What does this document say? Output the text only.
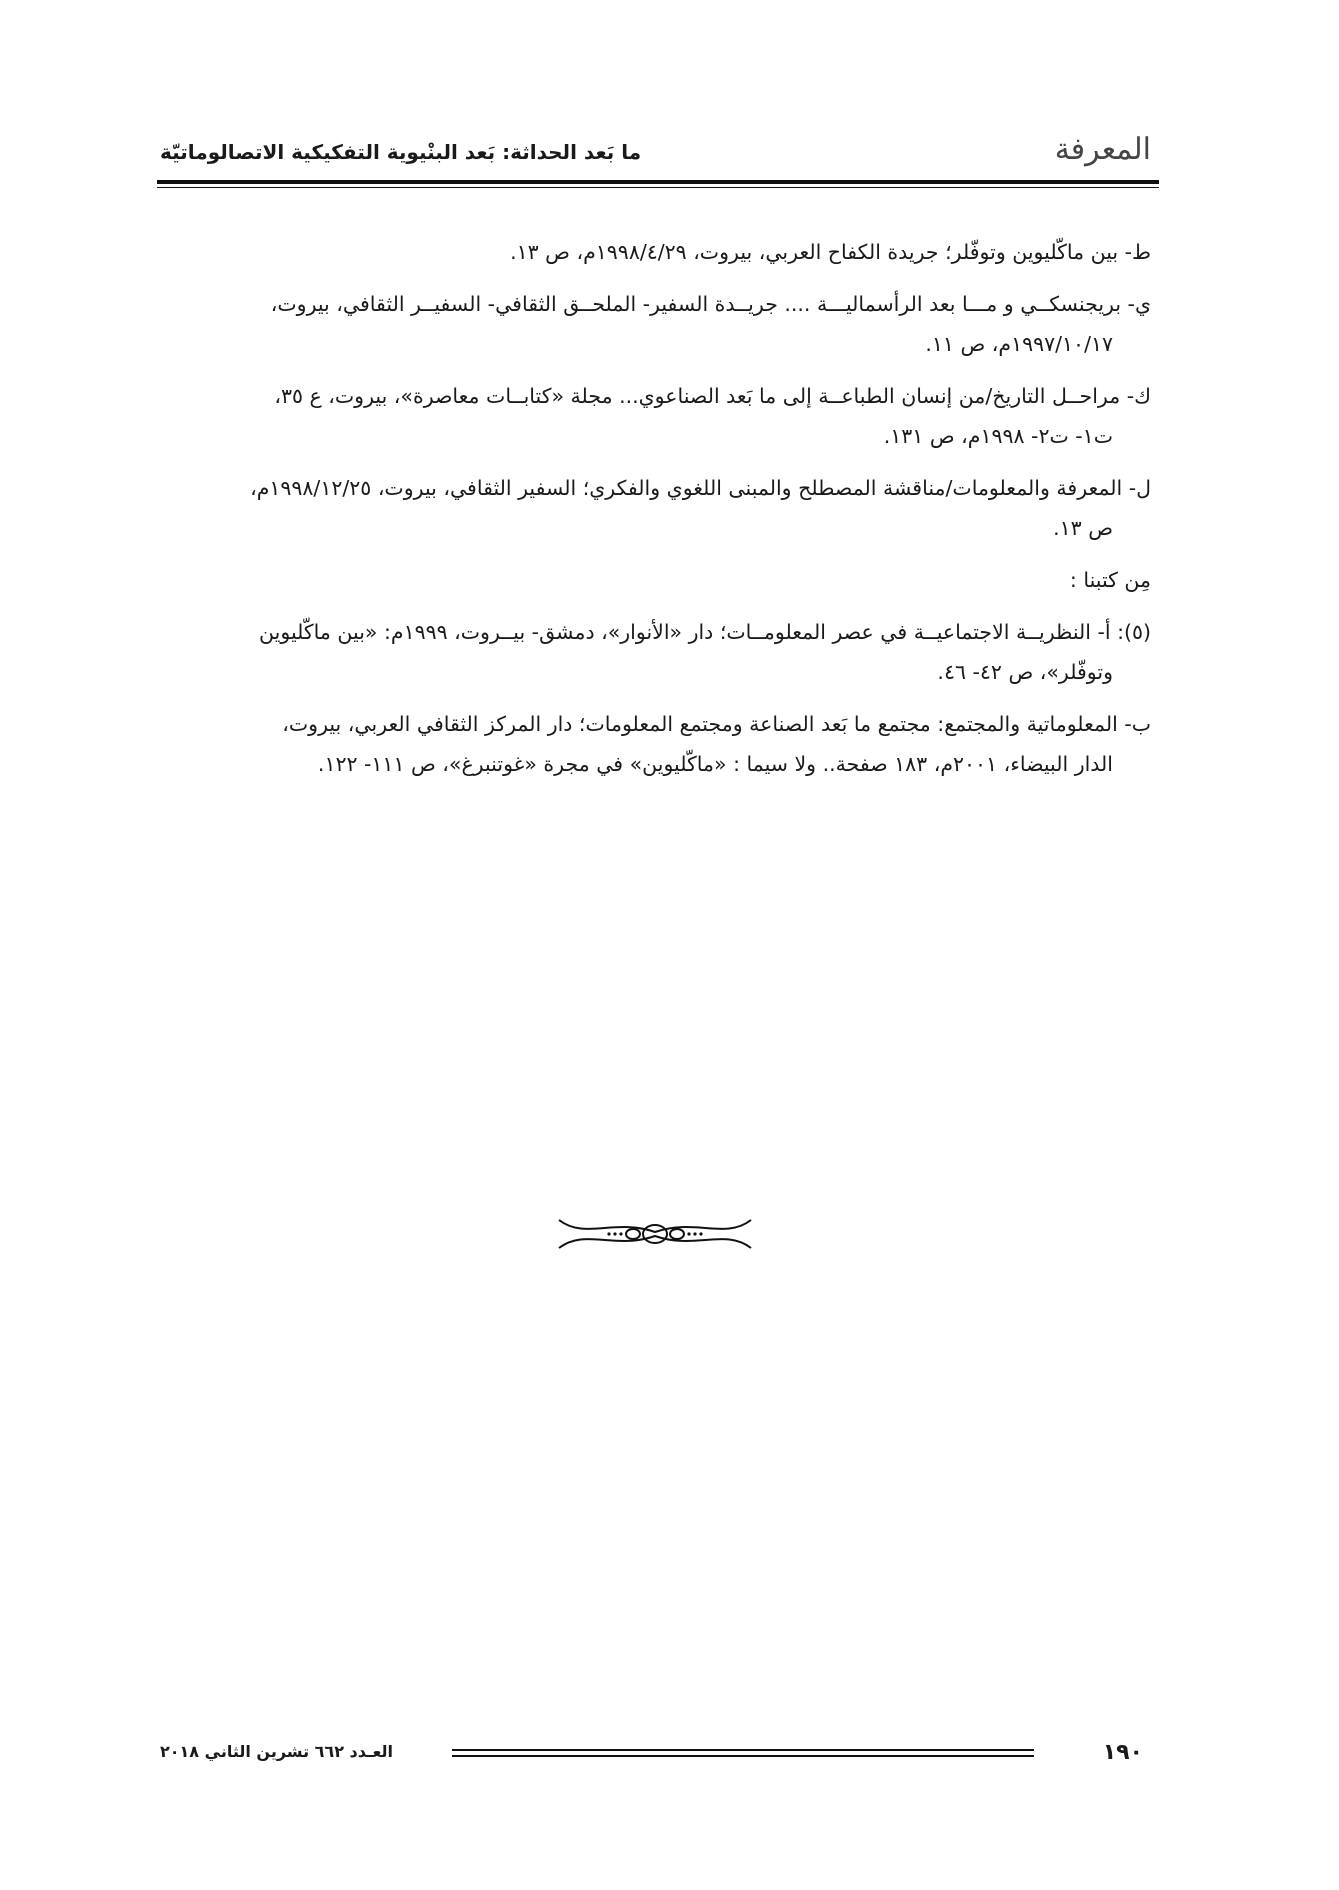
المعرفة
ما بَعد الحداثة: بَعد البنْيوية التفكيكية الاتصالوماتيّة
ط- بين ماكّليوين وتوفّلر؛ جريدة الكفاح العربي، بيروت، ١٩٩٨/٤/٢٩م، ص ١٣.
ي- بريجنسكــي و مـــا بعد الرأسماليـــة .... جريــدة السفير- الملحــق الثقافي- السفيــر الثقافي، بيروت،
١٩٩٧/١٠/١٧م، ص ١١.
ك- مراحــل التاريخ/من إنسان الطباعــة إلى ما بَعد الصناعوي... مجلة «كتابــات معاصرة»، بيروت، ع ٣٥،
ت١- ت٢- ١٩٩٨م، ص ١٣١.
ل- المعرفة والمعلومات/مناقشة المصطلح والمبنى اللغوي والفكري؛ السفير الثقافي، بيروت، ١٩٩٨/١٢/٢٥م،
ص ١٣.
مِن كتبنا :
(٥): أ- النظريــة الاجتماعيــة في عصر المعلومــات؛ دار «الأنوار»، دمشق- بيــروت، ١٩٩٩م: «بين ماكّليوين
وتوفّلر»، ص ٤٢- ٤٦.
ب- المعلوماتية والمجتمع: مجتمع ما بَعد الصناعة ومجتمع المعلومات؛ دار المركز الثقافي العربي، بيروت،
الدار البيضاء، ٢٠٠١م، ١٨٣ صفحة.. ولا سيما : «ماكّليوين» في مجرة «غوتنبرغ»، ص ١١١- ١٢٢.
١٩٠
العـدد ٦٦٢ تشرين الثاني ٢٠١٨
